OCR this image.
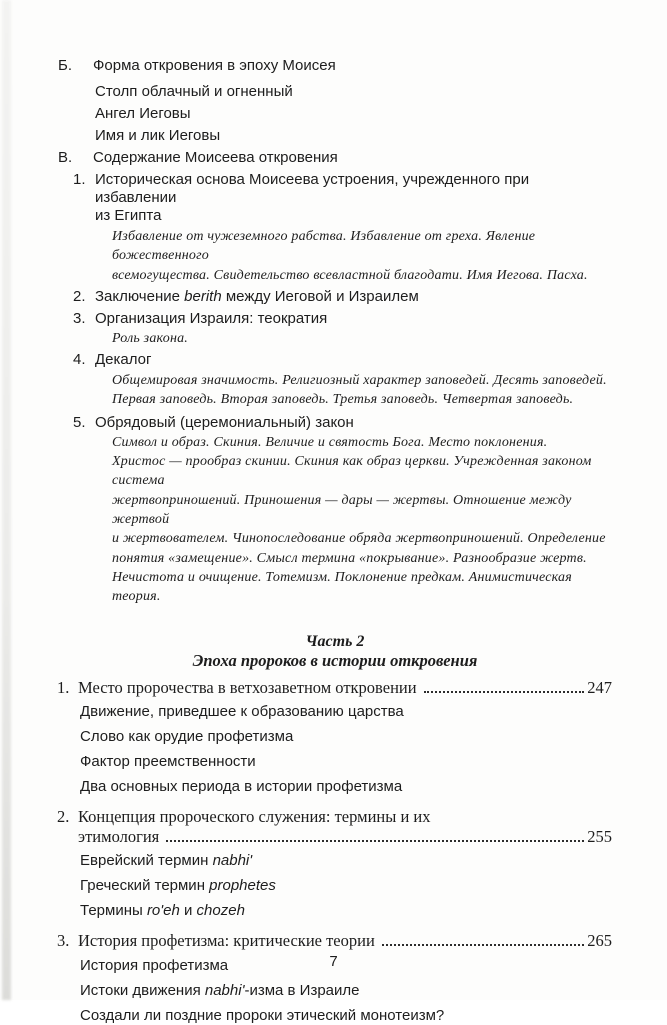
Б.	Форма откровения в эпоху Моисея
Столп облачный и огненный
Ангел Иеговы
Имя и лик Иеговы
В.	Содержание Моисеева откровения
1. Историческая основа Моисеева устроения, учрежденного при избавлении
из Египта
Избавление от чужеземного рабства. Избавление от греха. Явление божественного
всемогущества. Свидетельство всевластной благодати. Имя Иегова. Пасха.
2. Заключение berith между Иеговой и Израилем
3. Организация Израиля: теократия
Роль закона.
4. Декалог
Общемировая значимость. Религиозный характер заповедей. Десять заповедей.
Первая заповедь. Вторая заповедь. Третья заповедь. Четвертая заповедь.
5. Обрядовый (церемониальный) закон
Символ и образ. Скиния. Величие и святость Бога. Место поклонения.
Христос — прообраз скинии. Скиния как образ церкви. Учрежденная законом система
жертвоприношений. Приношения — дары — жертвы. Отношение между жертвой
и жертвователем. Чинопоследование обряда жертвоприношений. Определение
понятия «замещение». Смысл термина «покрывание». Разнообразие жертв.
Нечистота и очищение. Тотемизм. Поклонение предкам. Анимистическая теория.
Часть 2
Эпоха пророков в истории откровения
1. Место пророчества в ветхозаветном откровении	247
Движение, приведшее к образованию царства
Слово как орудие профетизма
Фактор преемственности
Два основных периода в истории профетизма
2. Концепция пророческого служения: термины и их
этимология	255
Еврейский термин nabhi'
Греческий термин prophetes
Термины ro'eh и chozeh
3. История профетизма: критические теории	265
История профетизма
Истоки движения nabhi'-изма в Израиле
Создали ли поздние пророки этический монотеизм?
7
